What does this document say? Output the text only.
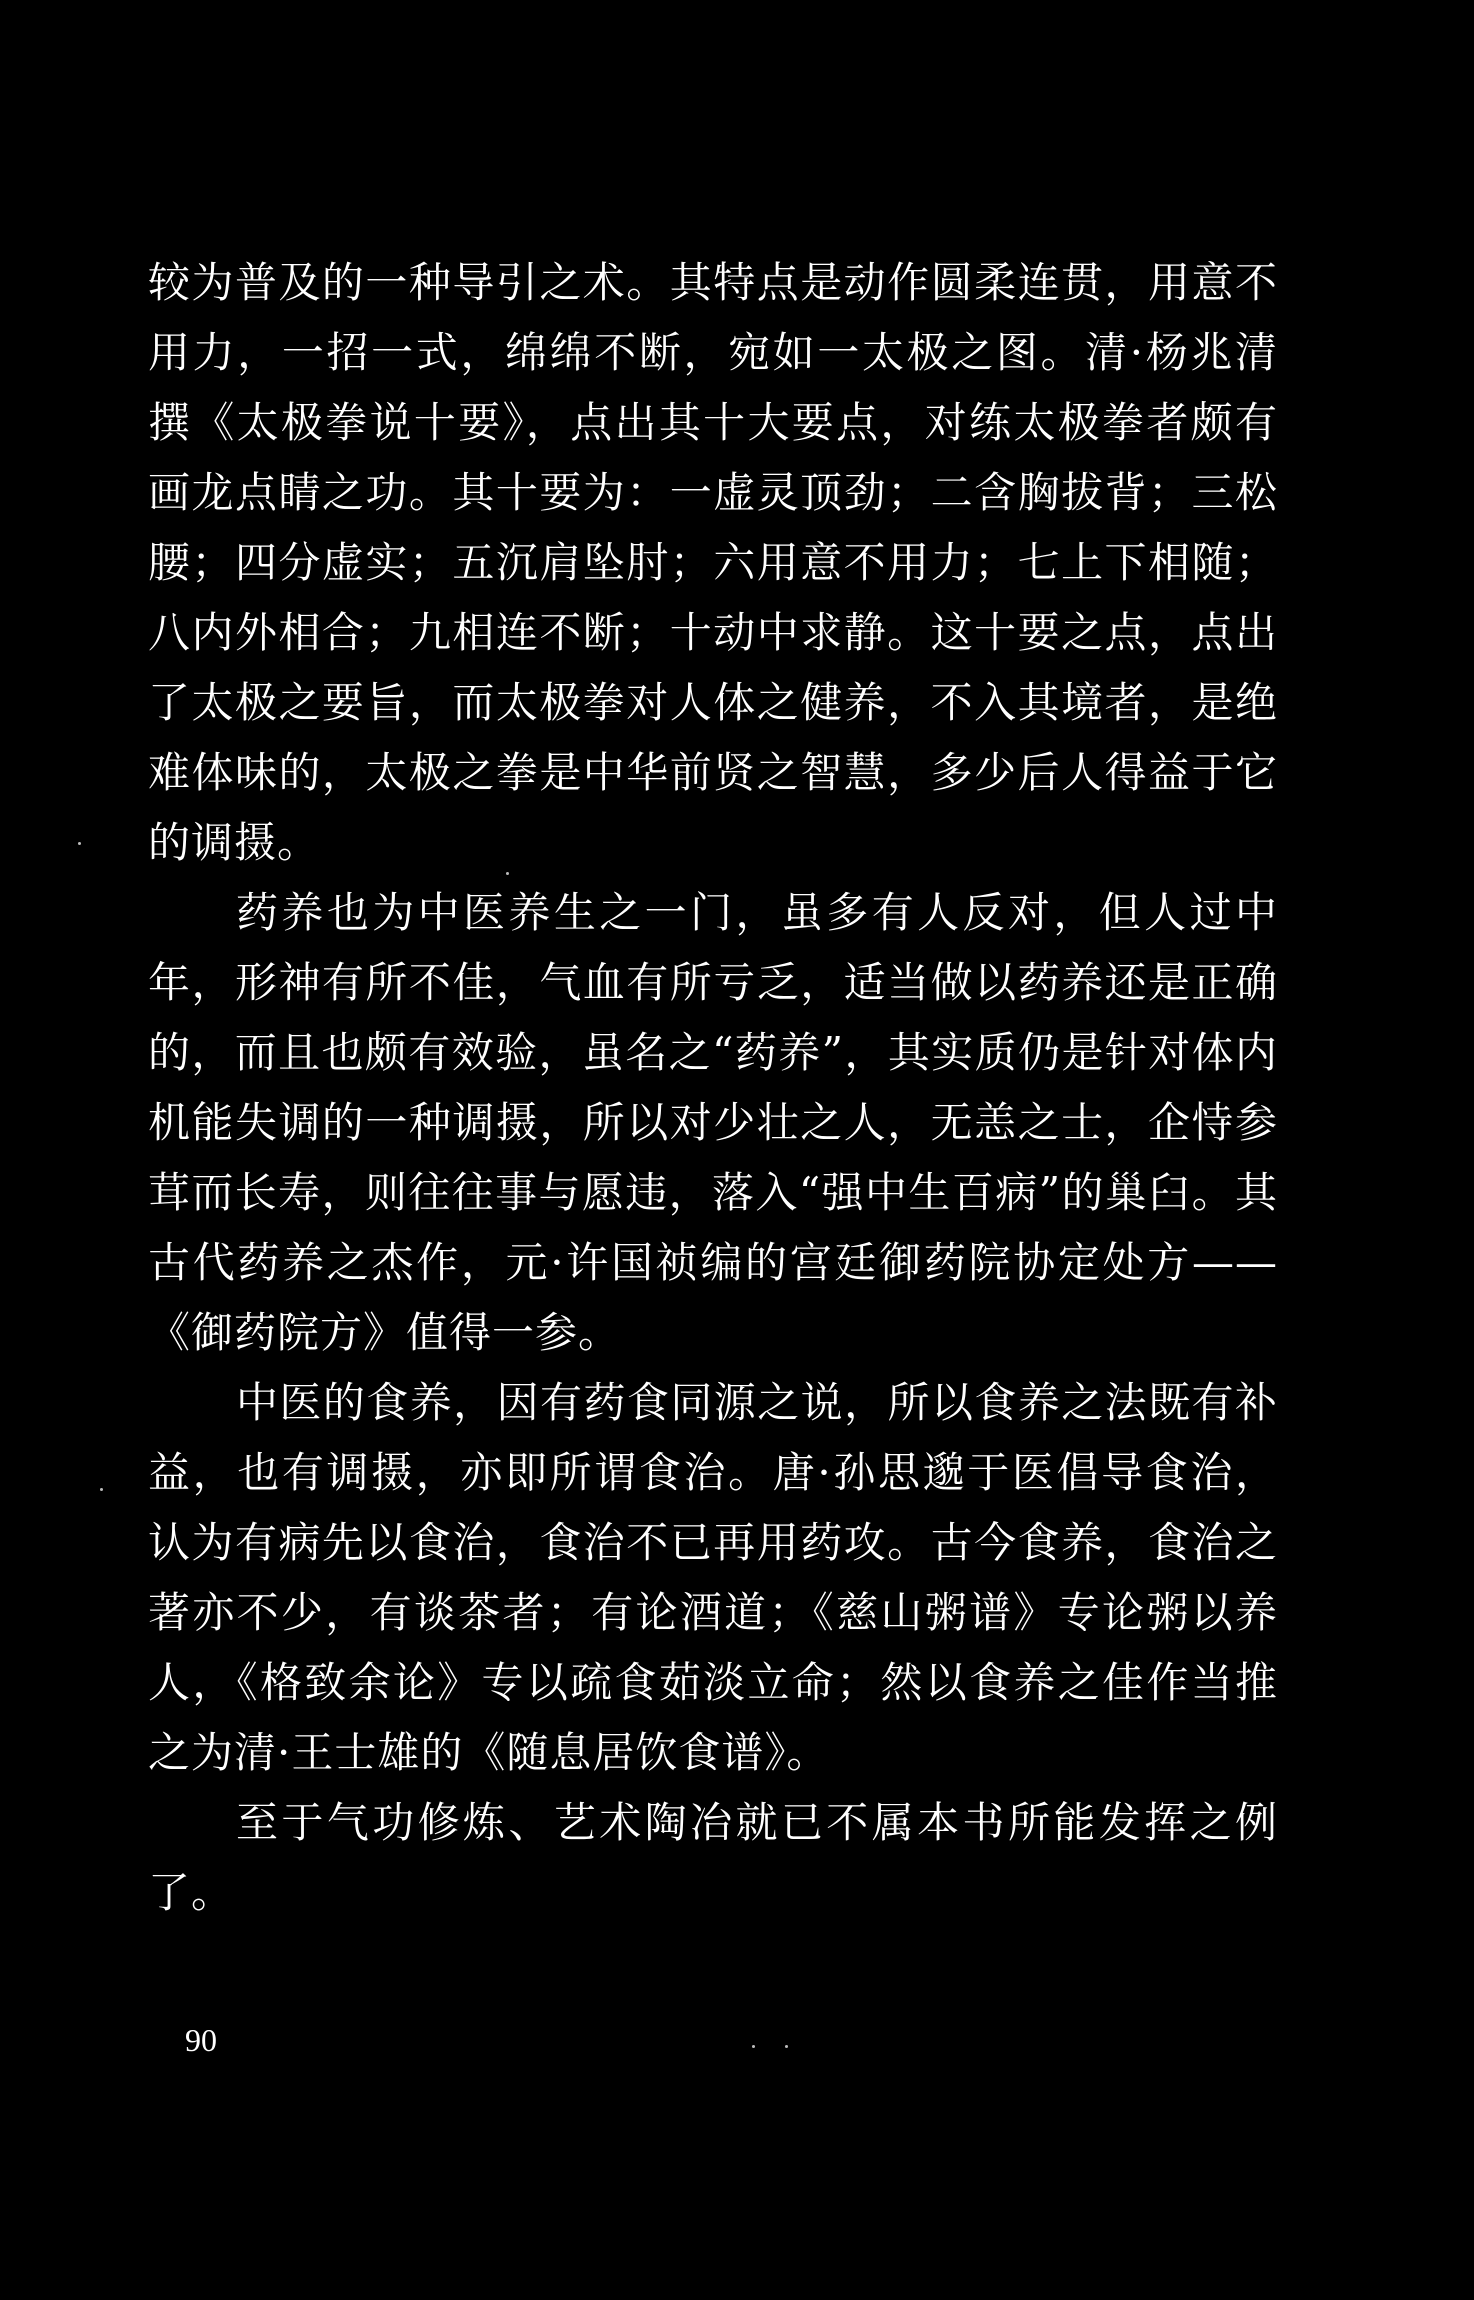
较为普及的一种导引之术。其特点是动作圆柔连贯，用意不用力，一招一式，绵绵不断，宛如一太极之图。清·杨兆清撰《太极拳说十要》，点出其十大要点，对练太极拳者颇有画龙点睛之功。其十要为：一虚灵顶劲；二含胸拔背；三松腰；四分虚实；五沉肩坠肘；六用意不用力；七上下相随；八内外相合；九相连不断；十动中求静。这十要之点，点出了太极之要旨，而太极拳对人体之健养，不入其境者，是绝难体味的，太极之拳是中华前贤之智慧，多少后人得益于它的调摄。

药养也为中医养生之一门，虽多有人反对，但人过中年，形神有所不佳，气血有所亏乏，适当做以药养还是正确的，而且也颇有效验，虽名之“药养”，其实质仍是针对体内机能失调的一种调摄，所以对少壮之人，无恙之士，企恃参茸而长寿，则往往事与愿违，落入“强中生百病”的巢臼。其古代药养之杰作，元·许国祯编的宫廷御药院协定处方——《御药院方》值得一参。

中医的食养，因有药食同源之说，所以食养之法既有补益，也有调摄，亦即所谓食治。唐·孙思邈于医倡导食治，认为有病先以食治，食治不已再用药攻。古今食养，食治之著亦不少，有谈茶者；有论酒道；《慈山粥谱》专论粥以养人，《格致余论》专以疏食茹淡立命；然以食养之佳作当推之为清·王士雄的《随息居饮食谱》。

至于气功修炼、艺术陶冶就已不属本书所能发挥之例了。

90
